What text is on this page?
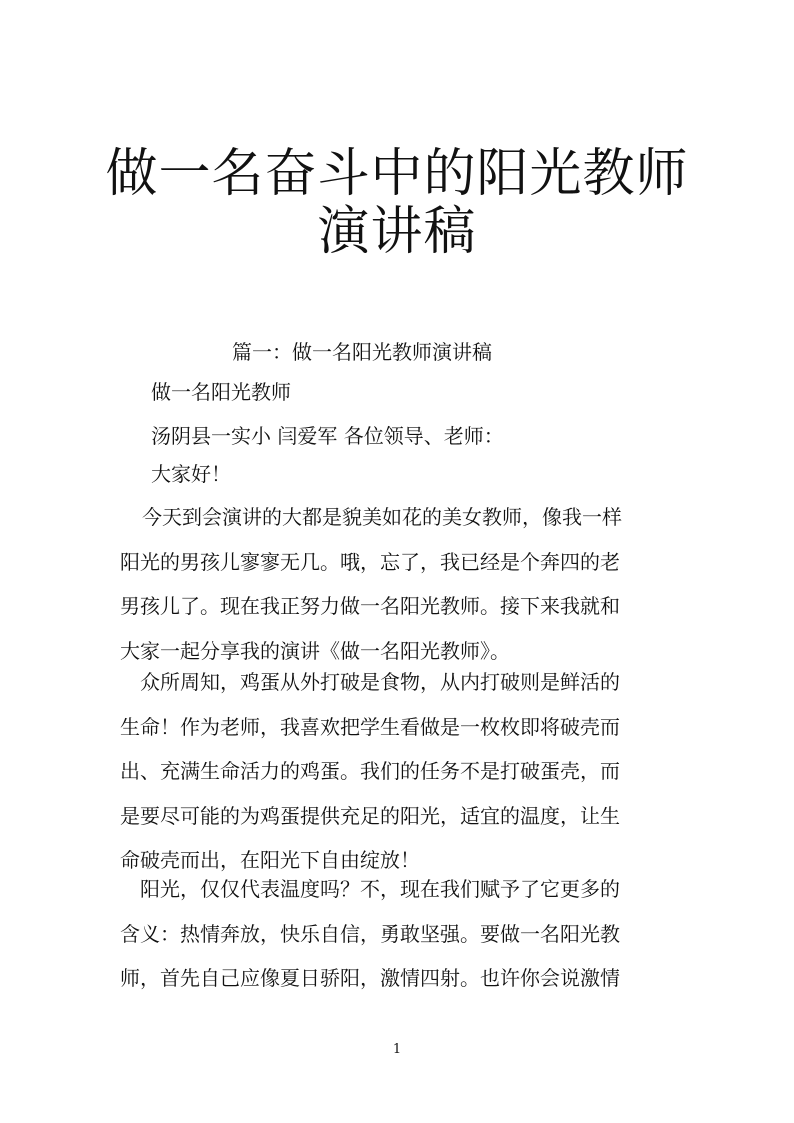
做一名奋斗中的阳光教师
演讲稿
篇一：做一名阳光教师演讲稿
做一名阳光教师
汤阴县一实小 闫爱军 各位领导、老师：
大家好！

今天到会演讲的大都是貌美如花的美女教师，像我一样

阳光的男孩儿寥寥无几。哦，忘了，我已经是个奔四的老

男孩儿了。现在我正努力做一名阳光教师。接下来我就和

大家一起分享我的演讲《做一名阳光教师》。

众所周知，鸡蛋从外打破是食物，从内打破则是鲜活的

生命！作为老师，我喜欢把学生看做是一枚枚即将破壳而

出、充满生命活力的鸡蛋。我们的任务不是打破蛋壳，而

是要尽可能的为鸡蛋提供充足的阳光，适宜的温度，让生

命破壳而出，在阳光下自由绽放！

阳光，仅仅代表温度吗？不，现在我们赋予了它更多的

含义：热情奔放，快乐自信，勇敢坚强。要做一名阳光教

师，首先自己应像夏日骄阳，激情四射。也许你会说激情

1
